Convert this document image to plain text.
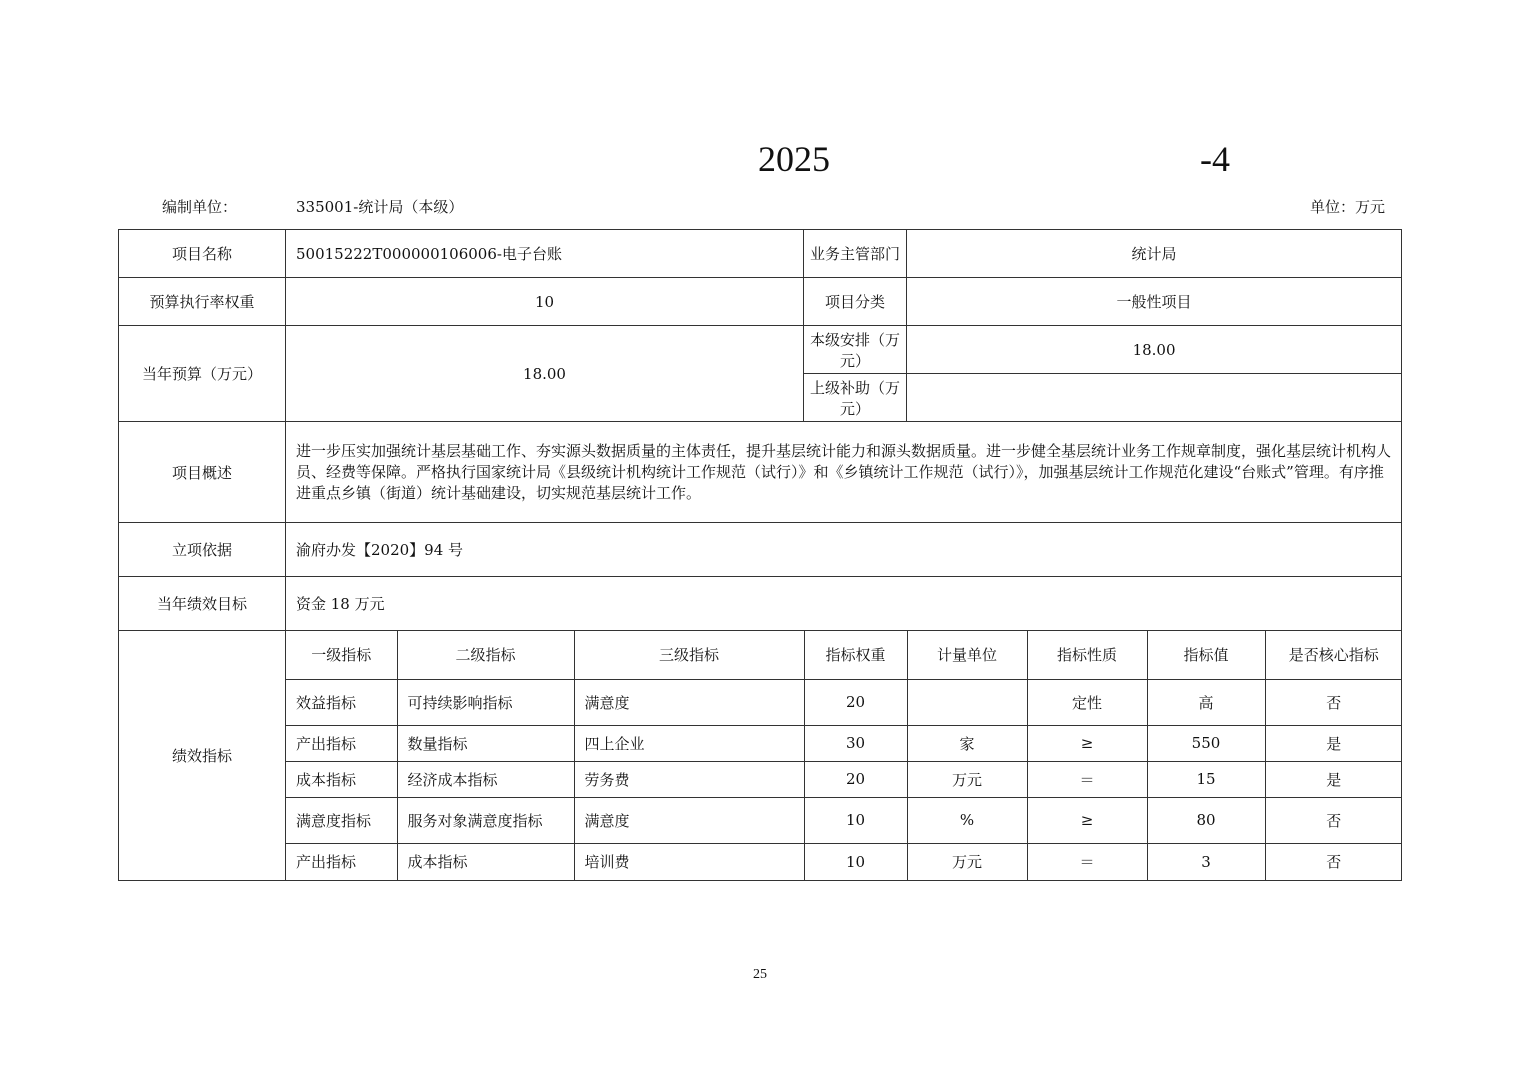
2025	-4
编制单位：	335001-统计局（本级）	单位：万元
项目名称	50015222T000000106006-电子台账	业务主管部门	统计局
预算执行率权重	10	项目分类	一般性项目
当年预算（万元）	18.00	本级安排（万元）	18.00
上级补助（万元）	
项目概述	进一步压实加强统计基层基础工作、夯实源头数据质量的主体责任，提升基层统计能力和源头数据质量。进一步健全基层统计业务工作规章制度，强化基层统计机构人员、经费等保障。严格执行国家统计局《县级统计机构统计工作规范（试行）》和《乡镇统计工作规范（试行）》，加强基层统计工作规范化建设“台账式”管理。有序推进重点乡镇（街道）统计基础建设，切实规范基层统计工作。
立项依据	渝府办发【2020】94 号
当年绩效目标	资金 18 万元
绩效指标	
一级指标	二级指标	三级指标	指标权重	计量单位	指标性质	指标值	是否核心指标
效益指标	可持续影响指标	满意度	20		定性	高	否
产出指标	数量指标	四上企业	30	家	≥	550	是
成本指标	经济成本指标	劳务费	20	万元	＝	15	是
满意度指标	服务对象满意度指标	满意度	10	%	≥	80	否
产出指标	成本指标	培训费	10	万元	＝	3	否
25
